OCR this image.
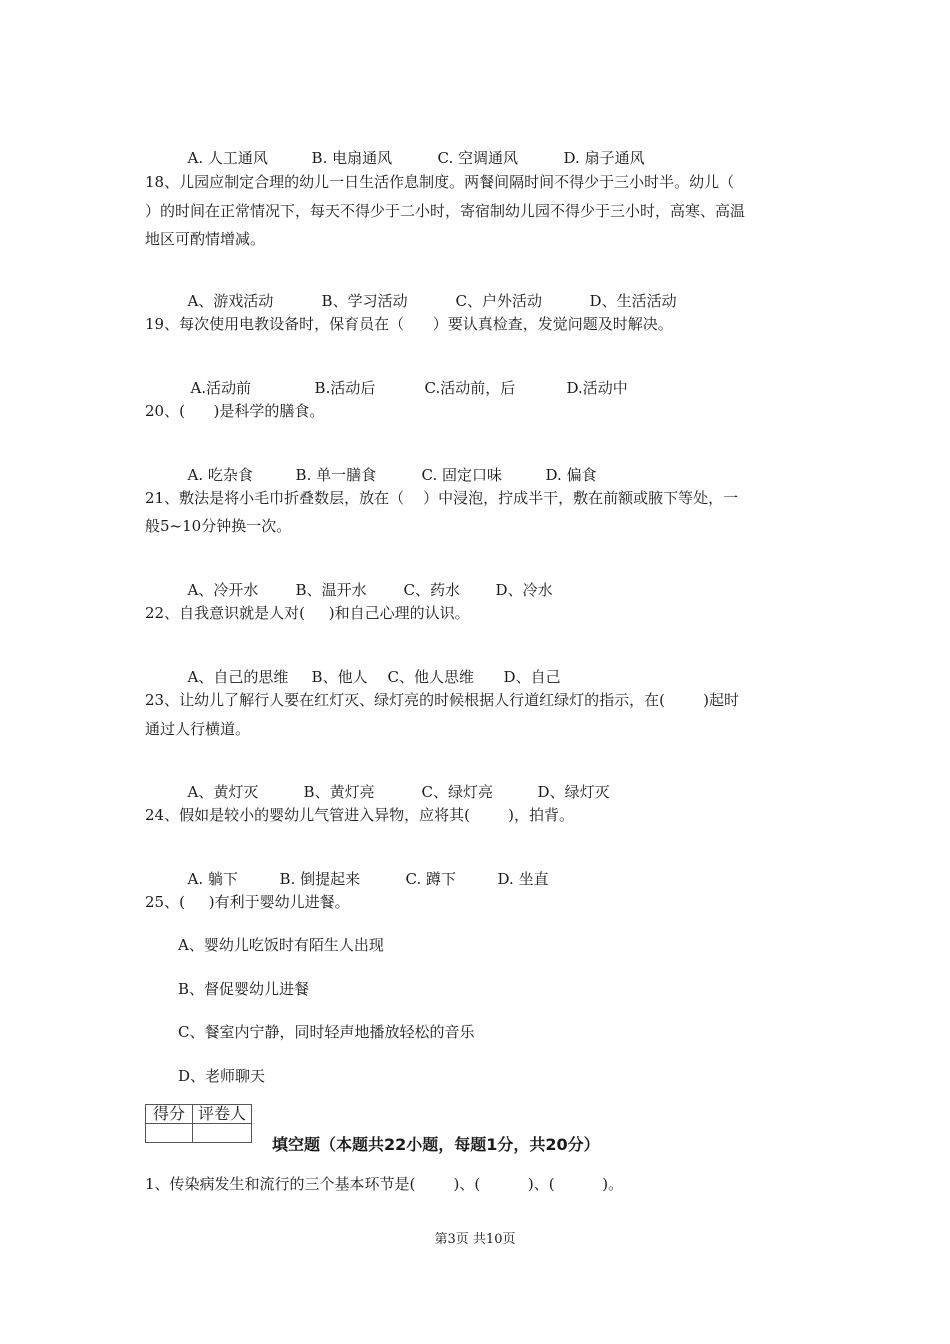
A. 人工通风	B. 电扇通风	C. 空调通风	D. 扇子通风

18、儿园应制定合理的幼儿一日生活作息制度。两餐间隔时间不得少于三小时半。幼儿（
）的时间在正常情况下，每天不得少于二小时，寄宿制幼儿园不得少于三小时，高寒、高温
地区可酌情增减。

A、游戏活动	B、学习活动	C、户外活动	D、生活活动

19、每次使用电教设备时，保育员在（      ）要认真检查，发觉问题及时解决。

A.活动前	B.活动后	C.活动前，后	D.活动中

20、(      )是科学的膳食。

A. 吃杂食	B. 单一膳食	C. 固定口味	D. 偏食

21、敷法是将小毛巾折叠数层，放在（    ）中浸泡，拧成半干，敷在前额或腋下等处，一
般5~10分钟换一次。

A、冷开水 B、温开水 C、药水 D、冷水

22、自我意识就是人对(     )和自己心理的认识。

A、自己的思维 B、他人 C、他人思维 D、自己

23、让幼儿了解行人要在红灯灭、绿灯亮的时候根据人行道红绿灯的指示，在(        )起时
通过人行横道。

A、黄灯灭	B、黄灯亮	C、绿灯亮	D、绿灯灭

24、假如是较小的婴幼儿气管进入异物，应将其(        )，拍背。

A. 躺下	B. 倒提起来	C. 蹲下	D. 坐直

25、(     )有利于婴幼儿进餐。
A、婴幼儿吃饭时有陌生人出现
B、督促婴幼儿进餐
C、餐室内宁静，同时轻声地播放轻松的音乐
D、老师聊天
得分	评卷人

填空题（本题共22小题，每题1分，共20分）
1、传染病发生和流行的三个基本环节是(        )、(          )、(          )。
第3页 共10页
